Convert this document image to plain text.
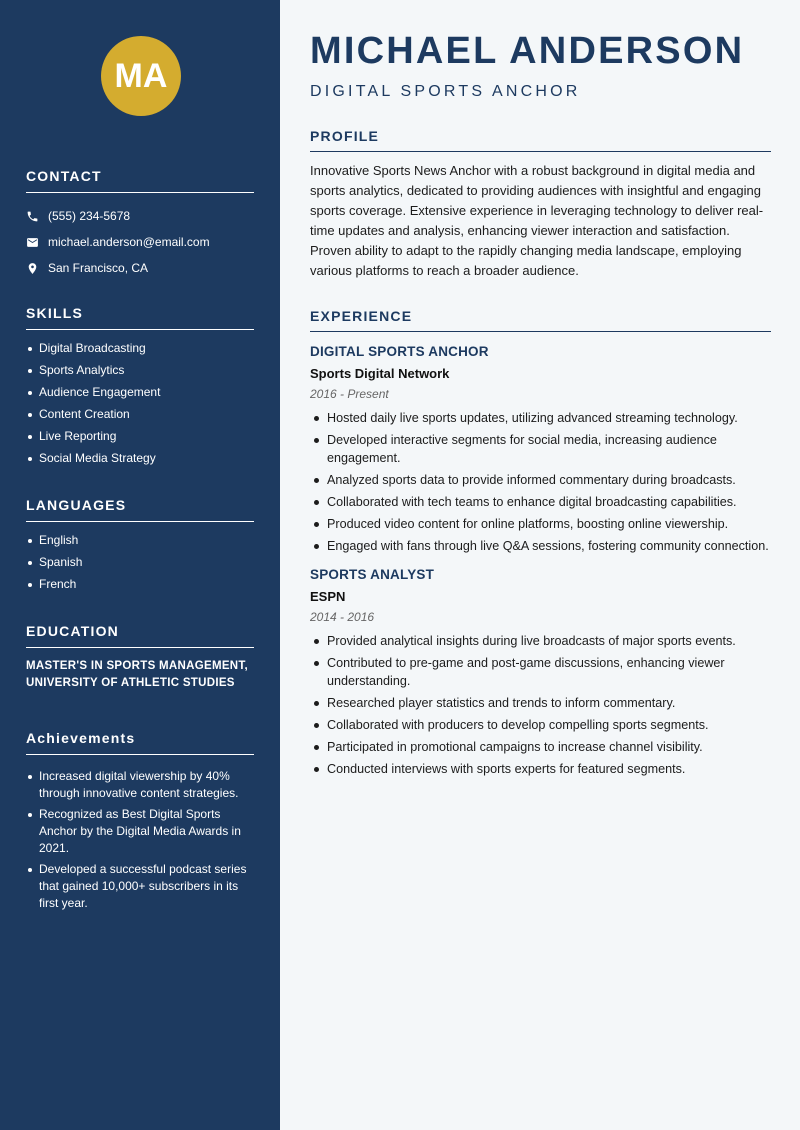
MA
CONTACT
(555) 234-5678
michael.anderson@email.com
San Francisco, CA
SKILLS
Digital Broadcasting
Sports Analytics
Audience Engagement
Content Creation
Live Reporting
Social Media Strategy
LANGUAGES
English
Spanish
French
EDUCATION
MASTER'S IN SPORTS MANAGEMENT, UNIVERSITY OF ATHLETIC STUDIES
Achievements
Increased digital viewership by 40% through innovative content strategies.
Recognized as Best Digital Sports Anchor by the Digital Media Awards in 2021.
Developed a successful podcast series that gained 10,000+ subscribers in its first year.
MICHAEL ANDERSON
DIGITAL SPORTS ANCHOR
PROFILE

Innovative Sports News Anchor with a robust background in digital media and sports analytics, dedicated to providing audiences with insightful and engaging sports coverage. Extensive experience in leveraging technology to deliver real-time updates and analysis, enhancing viewer interaction and satisfaction. Proven ability to adapt to the rapidly changing media landscape, employing various platforms to reach a broader audience.

EXPERIENCE
DIGITAL SPORTS ANCHOR
Sports Digital Network
2016 - Present
Hosted daily live sports updates, utilizing advanced streaming technology.
Developed interactive segments for social media, increasing audience engagement.
Analyzed sports data to provide informed commentary during broadcasts.
Collaborated with tech teams to enhance digital broadcasting capabilities.
Produced video content for online platforms, boosting online viewership.
Engaged with fans through live Q&A sessions, fostering community connection.
SPORTS ANALYST
ESPN
2014 - 2016
Provided analytical insights during live broadcasts of major sports events.
Contributed to pre-game and post-game discussions, enhancing viewer understanding.
Researched player statistics and trends to inform commentary.
Collaborated with producers to develop compelling sports segments.
Participated in promotional campaigns to increase channel visibility.
Conducted interviews with sports experts for featured segments.
